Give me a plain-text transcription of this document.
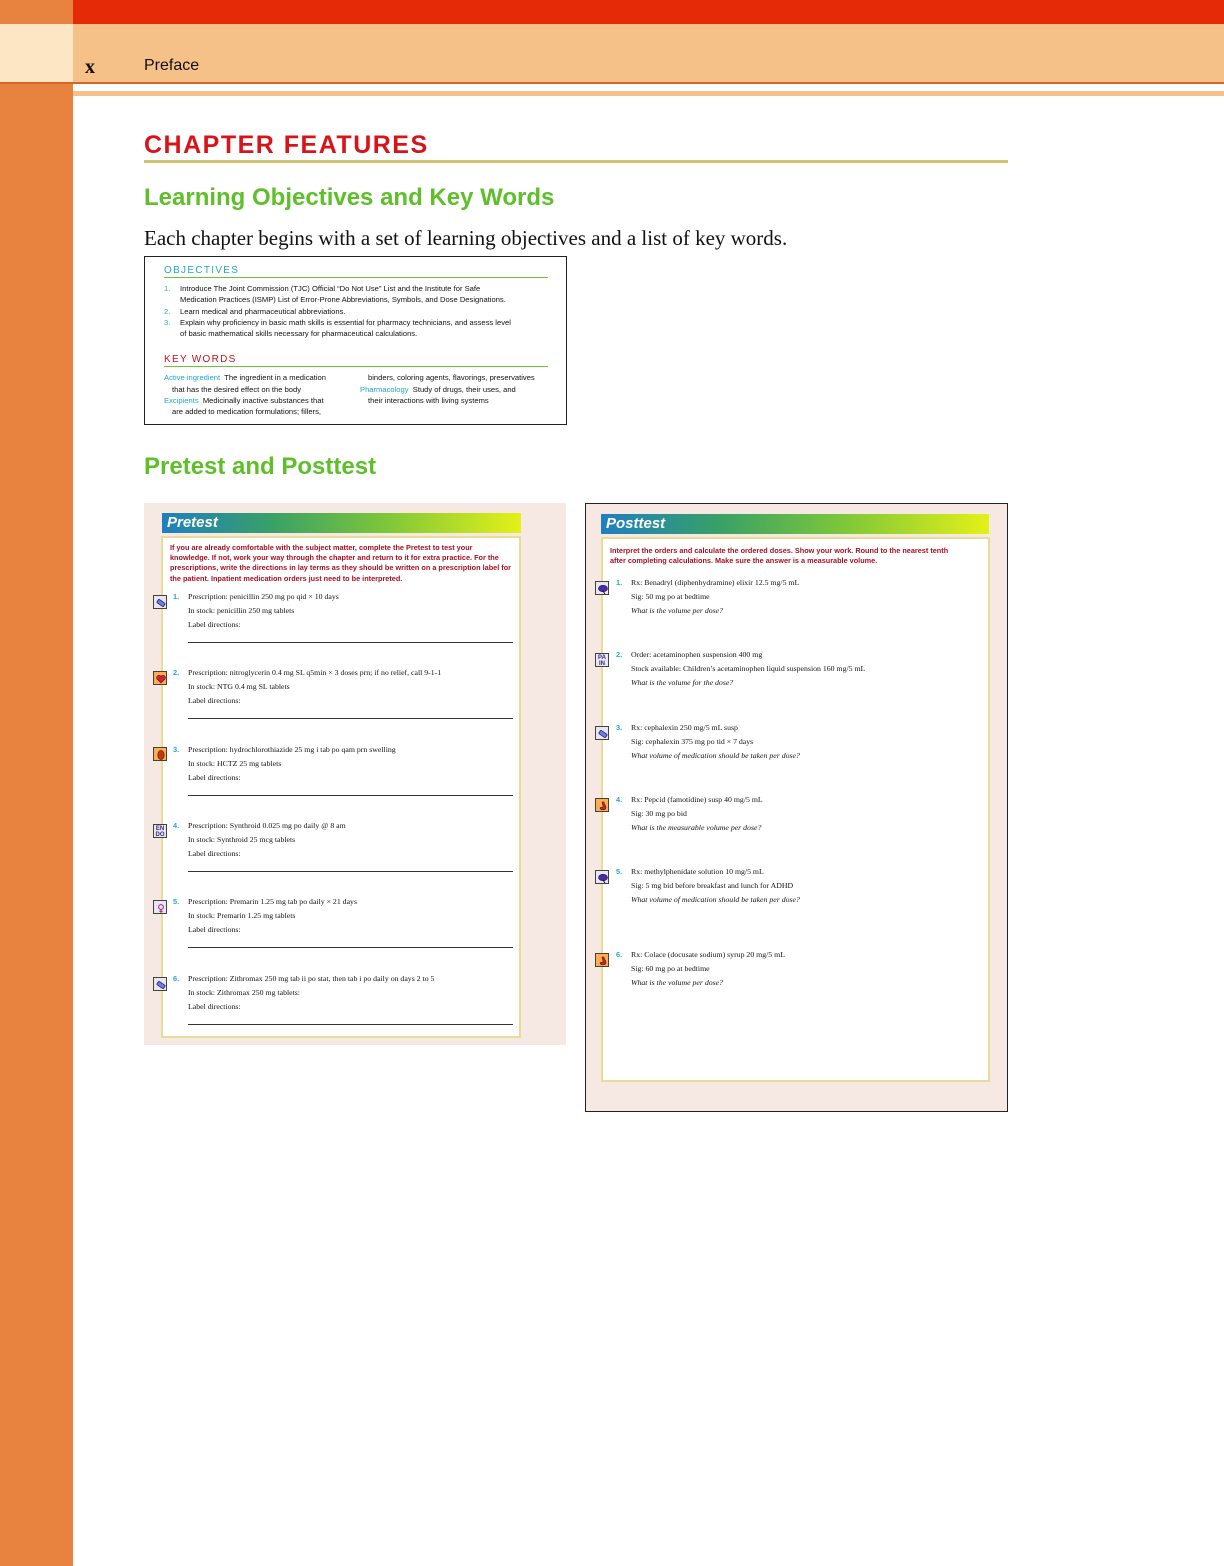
x	Preface
CHAPTER FEATURES
Learning Objectives and Key Words

Each chapter begins with a set of learning objectives and a list of key words.

OBJECTIVES
1. Introduce The Joint Commission (TJC) Official “Do Not Use” List and the Institute for Safe
Medication Practices (ISMP) List of Error-Prone Abbreviations, Symbols, and Dose Designations.
2. Learn medical and pharmaceutical abbreviations.
3. Explain why proficiency in basic math skills is essential for pharmacy technicians, and assess level
of basic mathematical skills necessary for pharmaceutical calculations.
KEY WORDS
Active ingredient The ingredient in a medication
that has the desired effect on the body
Excipients Medicinally inactive substances that
are added to medication formulations; fillers,
binders, coloring agents, flavorings, preservatives
Pharmacology Study of drugs, their uses, and
their interactions with living systems
Pretest and Posttest
Pretest
If you are already comfortable with the subject matter, complete the Pretest to test your
knowledge. If not, work your way through the chapter and return to it for extra practice. For the
prescriptions, write the directions in lay terms as they should be written on a prescription label for
the patient. Inpatient medication orders just need to be interpreted.
1. Prescription: penicillin 250 mg po qid × 10 days
In stock: penicillin 250 mg tablets
Label directions:
2. Prescription: nitroglycerin 0.4 mg SL q5min × 3 doses prn; if no relief, call 9-1-1
In stock: NTG 0.4 mg SL tablets
Label directions:
3. Prescription: hydrochlorothiazide 25 mg i tab po qam prn swelling
In stock: HCTZ 25 mg tablets
Label directions:
EN DO
4. Prescription: Synthroid 0.025 mg po daily @ 8 am
In stock: Synthroid 25 mcg tablets
Label directions:
5. Prescription: Premarin 1.25 mg tab po daily × 21 days
In stock: Premarin 1.25 mg tablets
Label directions:
6. Prescription: Zithromax 250 mg tab ii po stat, then tab i po daily on days 2 to 5
In stock: Zithromax 250 mg tablets:
Label directions:
Posttest
Interpret the orders and calculate the ordered doses. Show your work. Round to the nearest tenth
after completing calculations. Make sure the answer is a measurable volume.
1. Rx: Benadryl (diphenhydramine) elixir 12.5 mg/5 mL
Sig: 50 mg po at bedtime
What is the volume per dose?
PA IN
2. Order: acetaminophen suspension 400 mg
Stock available: Children’s acetaminophen liquid suspension 160 mg/5 mL
What is the volume for the dose?
3. Rx: cephalexin 250 mg/5 mL susp
Sig: cephalexin 375 mg po tid × 7 days
What volume of medication should be taken per dose?
4. Rx: Pepcid (famotidine) susp 40 mg/5 mL
Sig: 30 mg po bid
What is the measurable volume per dose?
5. Rx: methylphenidate solution 10 mg/5 mL
Sig: 5 mg bid before breakfast and lunch for ADHD
What volume of medication should be taken per dose?
6. Rx: Colace (docusate sodium) syrup 20 mg/5 mL
Sig: 60 mg po at bedtime
What is the volume per dose?
